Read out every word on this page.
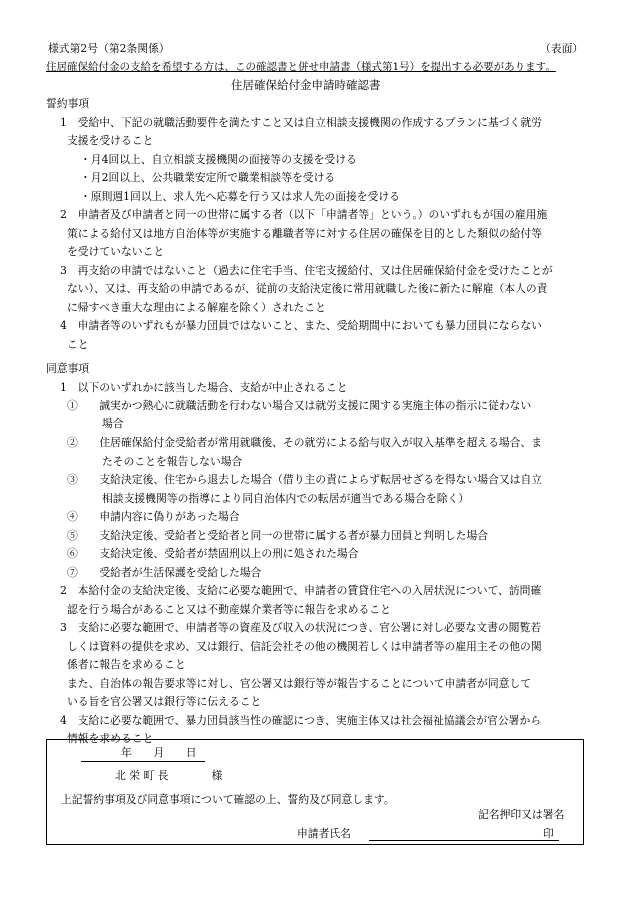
様式第2号（第2条関係）	（表面）
住居確保給付金の支給を希望する方は、この確認書と併せ申請書（様式第1号）を提出する必要があります。
住居確保給付金申請時確認書
誓約事項
1　受給中、下記の就職活動要件を満たすこと又は自立相談支援機関の作成するプランに基づく就労
支援を受けること
・月4回以上、自立相談支援機関の面接等の支援を受ける
・月2回以上、公共職業安定所で職業相談等を受ける
・原則週1回以上、求人先へ応募を行う又は求人先の面接を受ける
2　申請者及び申請者と同一の世帯に属する者（以下「申請者等」という。）のいずれもが国の雇用施
策による給付又は地方自治体等が実施する離職者等に対する住居の確保を目的とした類似の給付等
を受けていないこと
3　再支給の申請ではないこと（過去に住宅手当、住宅支援給付、又は住居確保給付金を受けたことが
ない）、又は、再支給の申請であるが、従前の支給決定後に常用就職した後に新たに解雇（本人の責
に帰すべき重大な理由による解雇を除く）されたこと
4　申請者等のいずれもが暴力団員ではないこと、また、受給期間中においても暴力団員にならない
こと
同意事項
1　以下のいずれかに該当した場合、支給が中止されること
①　　誠実かつ熱心に就職活動を行わない場合又は就労支援に関する実施主体の指示に従わない
場合
②　　住居確保給付金受給者が常用就職後、その就労による給与収入が収入基準を超える場合、ま
たそのことを報告しない場合
③　　支給決定後、住宅から退去した場合（借り主の責によらず転居せざるを得ない場合又は自立
相談支援機関等の指導により同自治体内での転居が適当である場合を除く）
④　　申請内容に偽りがあった場合
⑤　　支給決定後、受給者と受給者と同一の世帯に属する者が暴力団員と判明した場合
⑥　　支給決定後、受給者が禁固刑以上の刑に処された場合
⑦　　受給者が生活保護を受給した場合
2　本給付金の支給決定後、支給に必要な範囲で、申請者の賃貸住宅への入居状況について、訪問確
認を行う場合があること又は不動産媒介業者等に報告を求めること
3　支給に必要な範囲で、申請者等の資産及び収入の状況につき、官公署に対し必要な文書の閲覧若
しくは資料の提供を求め、又は銀行、信託会社その他の機関若しくは申請者等の雇用主その他の関
係者に報告を求めること
また、自治体の報告要求等に対し、官公署又は銀行等が報告することについて申請者が同意して
いる旨を官公署又は銀行等に伝えること
4　支給に必要な範囲で、暴力団員該当性の確認につき、実施主体又は社会福祉協議会が官公署から
情報を求めること
年　　月　　日
北 栄 町 長　　　　様
上記誓約事項及び同意事項について確認の上、誓約及び同意します。
記名押印又は署名
申請者氏名	印
